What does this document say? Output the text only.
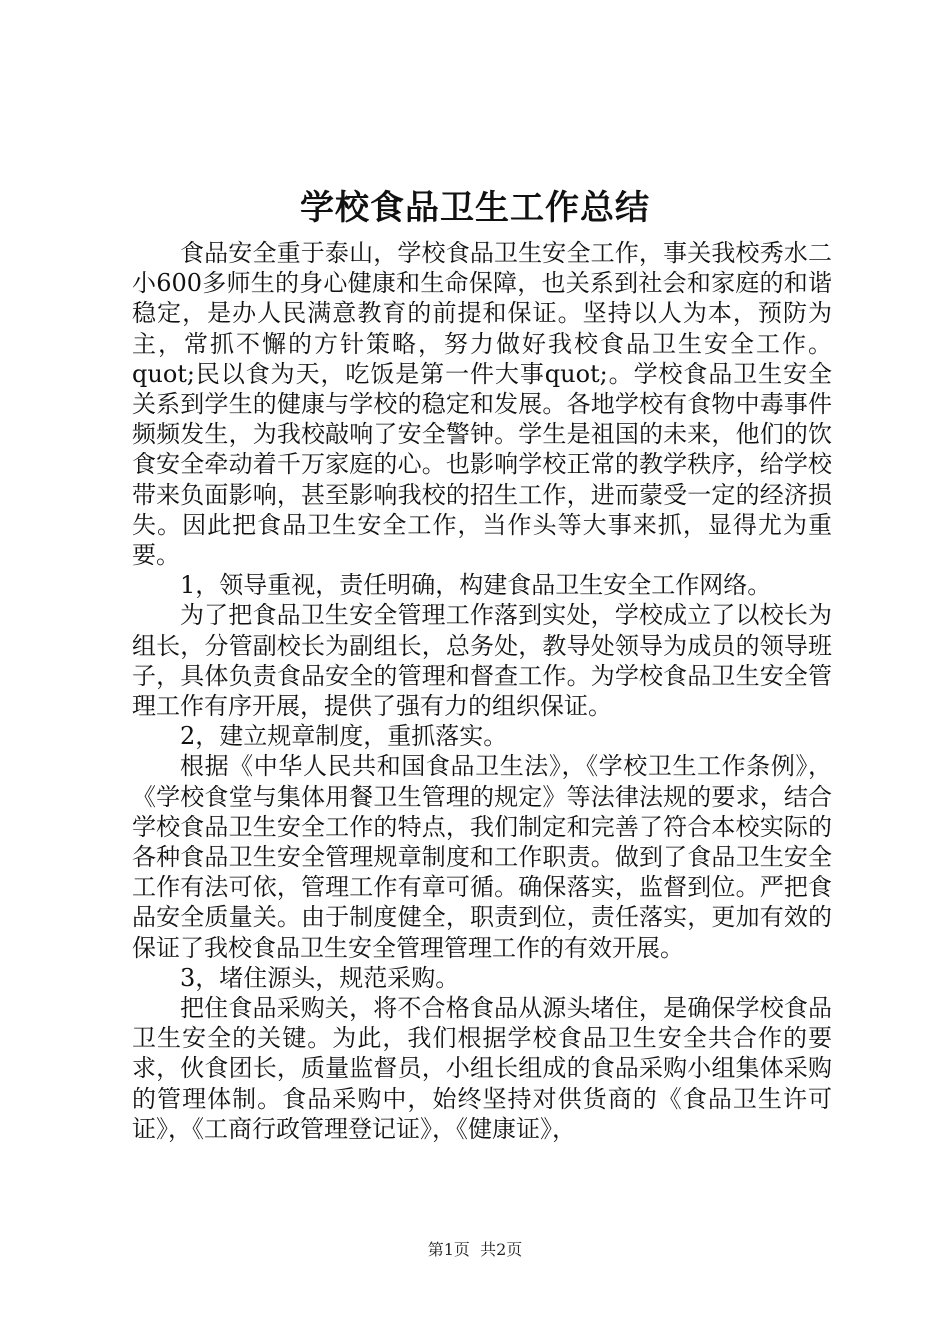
学校食品卫生工作总结

食品安全重于泰山，学校食品卫生安全工作，事关我校秀水二小600多师生的身心健康和生命保障，也关系到社会和家庭的和谐稳定，是办人民满意教育的前提和保证。坚持以人为本，预防为主，常抓不懈的方针策略，努力做好我校食品卫生安全工作。quot;民以食为天，吃饭是第一件大事quot;。学校食品卫生安全关系到学生的健康与学校的稳定和发展。各地学校有食物中毒事件频频发生，为我校敲响了安全警钟。学生是祖国的未来，他们的饮食安全牵动着千万家庭的心。也影响学校正常的教学秩序，给学校带来负面影响，甚至影响我校的招生工作，进而蒙受一定的经济损失。因此把食品卫生安全工作，当作头等大事来抓，显得尤为重要。

1，领导重视，责任明确，构建食品卫生安全工作网络。

为了把食品卫生安全管理工作落到实处，学校成立了以校长为组长，分管副校长为副组长，总务处，教导处领导为成员的领导班子，具体负责食品安全的管理和督查工作。为学校食品卫生安全管理工作有序开展，提供了强有力的组织保证。

2，建立规章制度，重抓落实。

根据《中华人民共和国食品卫生法》，《学校卫生工作条例》，《学校食堂与集体用餐卫生管理的规定》等法律法规的要求，结合学校食品卫生安全工作的特点，我们制定和完善了符合本校实际的各种食品卫生安全管理规章制度和工作职责。做到了食品卫生安全工作有法可依，管理工作有章可循。确保落实，监督到位。严把食品安全质量关。由于制度健全，职责到位，责任落实，更加有效的保证了我校食品卫生安全管理管理工作的有效开展。

3，堵住源头，规范采购。

把住食品采购关，将不合格食品从源头堵住，是确保学校食品卫生安全的关键。为此，我们根据学校食品卫生安全共合作的要求，伙食团长，质量监督员，小组长组成的食品采购小组集体采购的管理体制。食品采购中，始终坚持对供货商的《食品卫生许可证》，《工商行政管理登记证》，《健康证》，

第1页  共2页
